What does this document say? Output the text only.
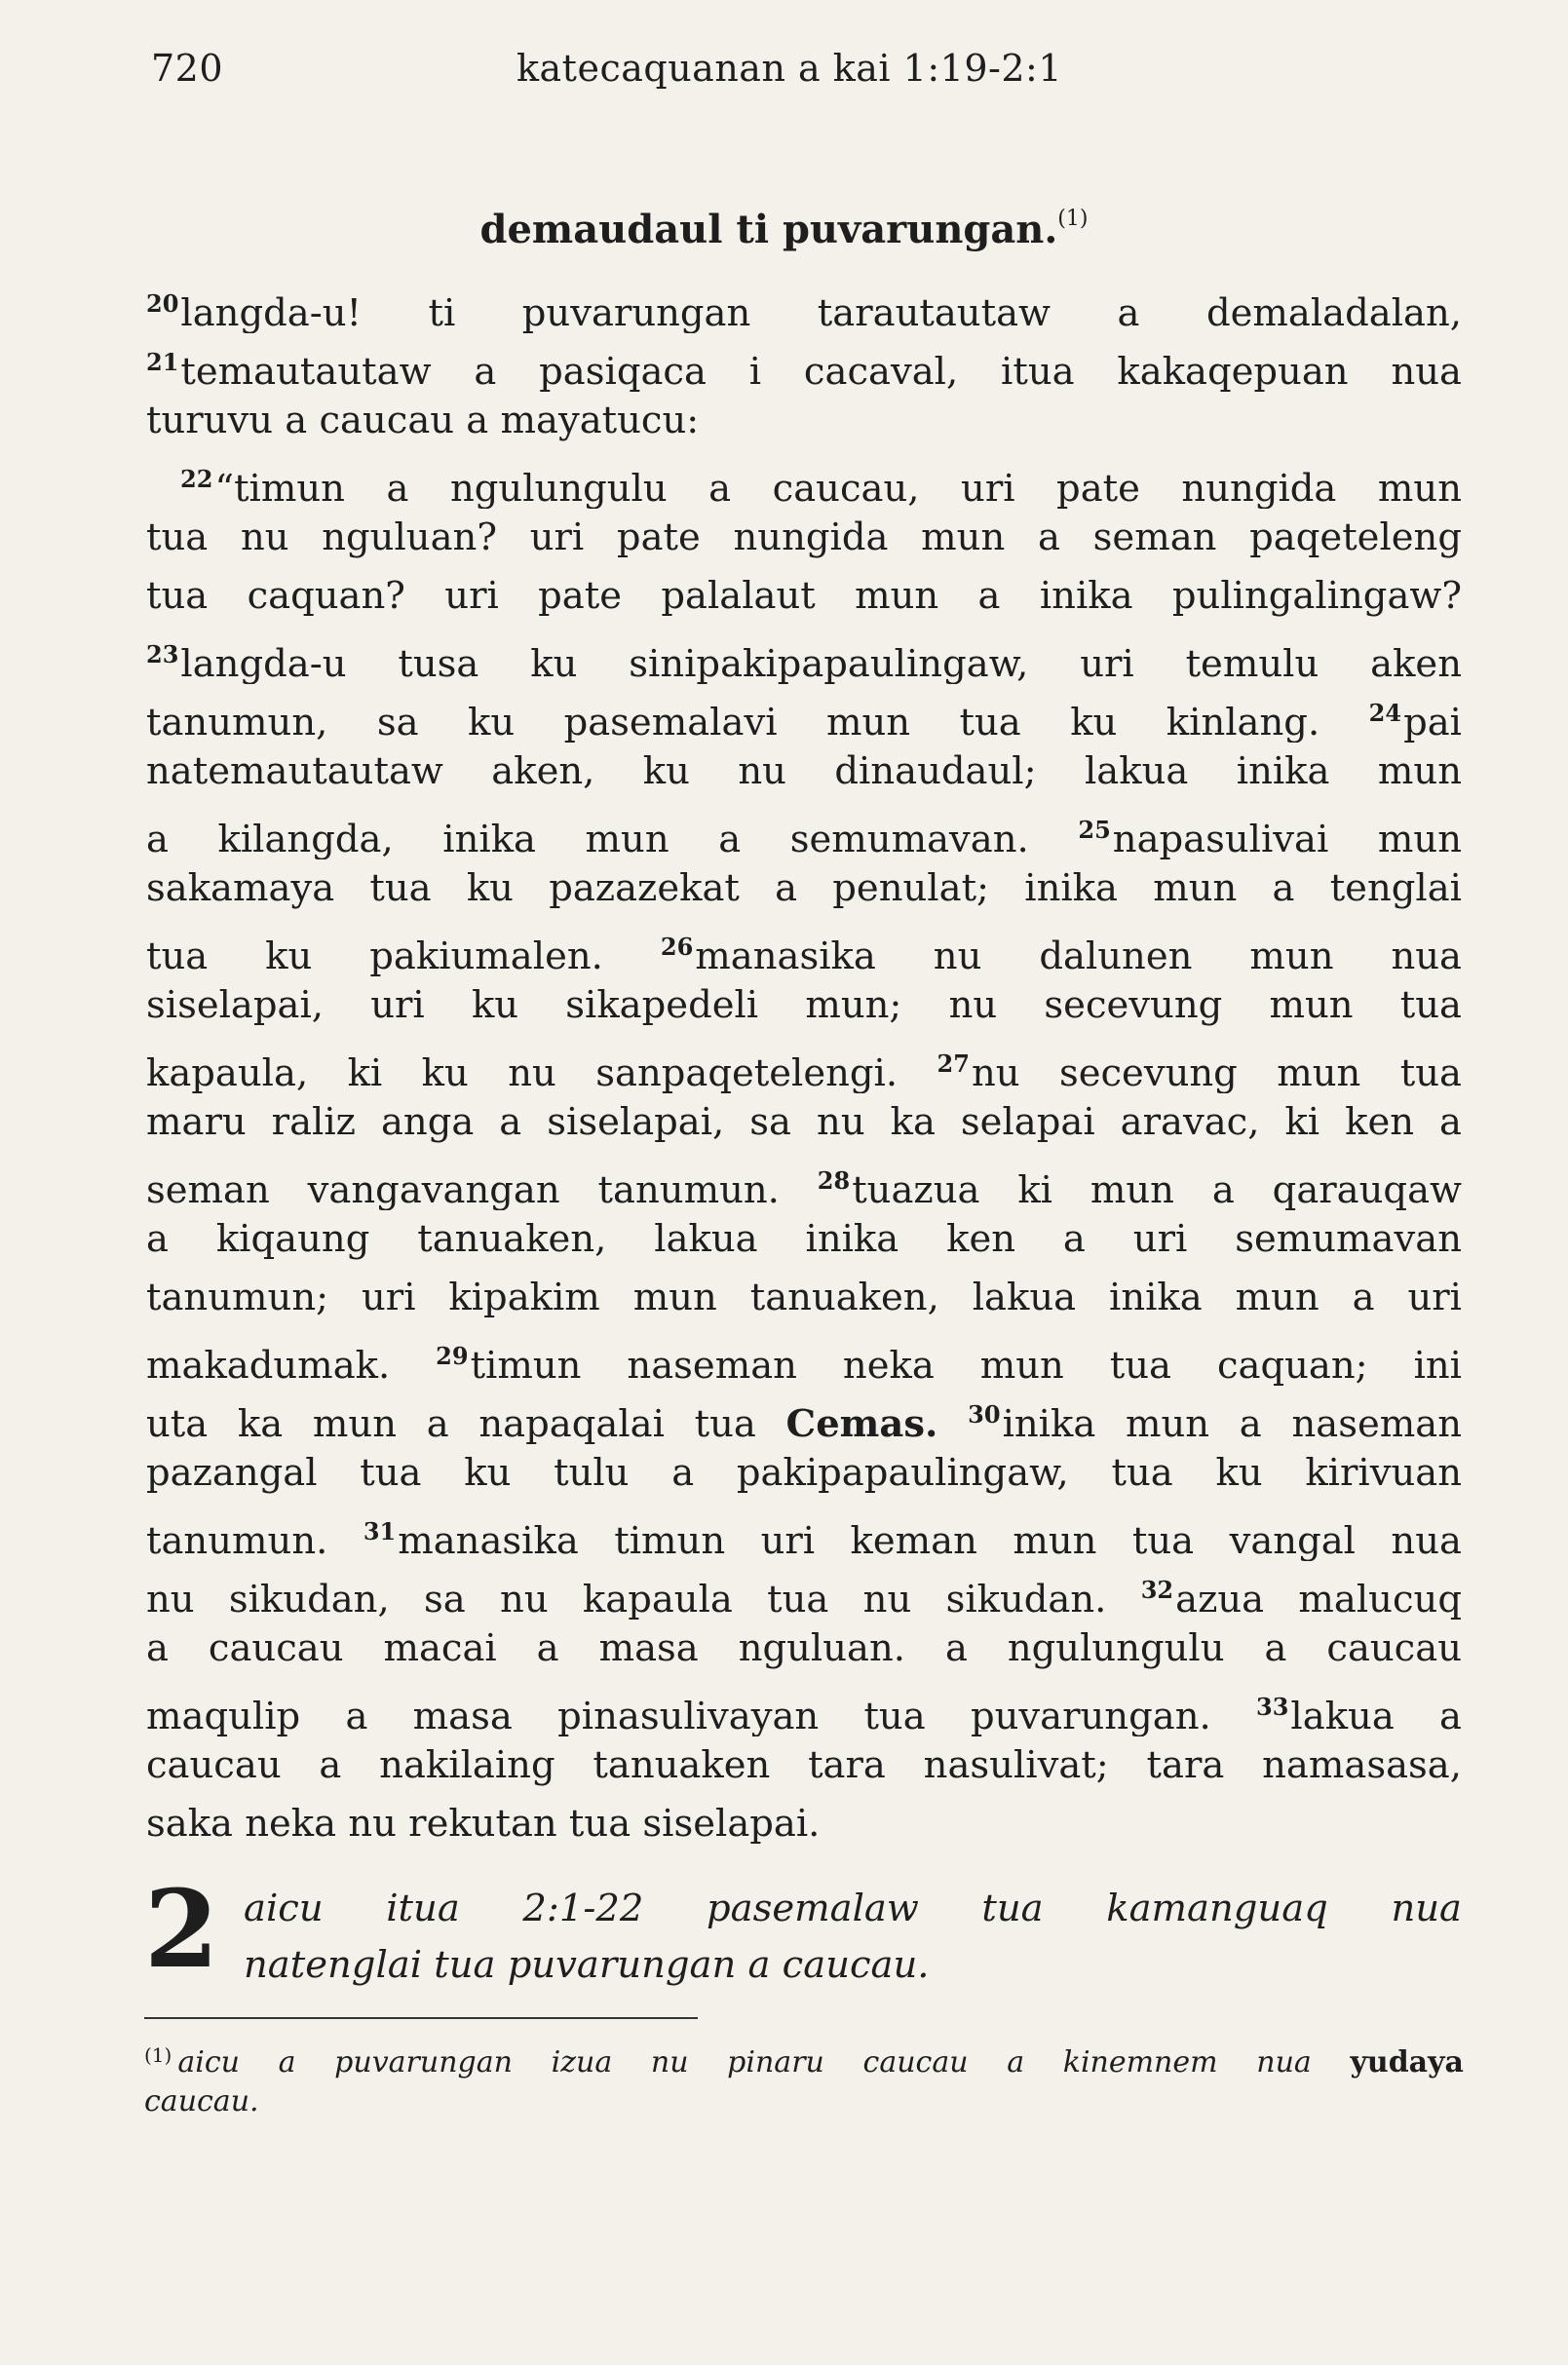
720	katecaquanan a kai 1:19-2:1
demaudaul ti puvarungan.$^{(1)}$
$^{20}$langda-u! ti puvarungan tarautautaw a demaladalan,
$^{21}$temautautaw a pasiqaca i cacaval, itua kakaqepuan nua
turuvu a caucau a mayatucu:
$^{22}$“timun a ngulungulu a caucau, uri pate nungida mun
tua nu nguluan? uri pate nungida mun a seman paqeteleng
tua caquan? uri pate palalaut mun a inika pulingalingaw?
$^{23}$langda-u tusa ku sinipakipapaulingaw, uri temulu aken
tanumun, sa ku pasemalavi mun tua ku kinlang. $^{24}$pai
natemautautaw aken, ku nu dinaudaul; lakua inika mun
a kilangda, inika mun a semumavan. $^{25}$napasulivai mun
sakamaya tua ku pazazekat a penulat; inika mun a tenglai
tua ku pakiumalen. $^{26}$manasika nu dalunen mun nua
siselapai, uri ku sikapedeli mun; nu secevung mun tua
kapaula, ki ku nu sanpaqetelengi. $^{27}$nu secevung mun tua
maru raliz anga a siselapai, sa nu ka selapai aravac, ki ken a
seman vangavangan tanumun. $^{28}$tuazua ki mun a qarauqaw
a kiqaung tanuaken, lakua inika ken a uri semumavan
tanumun; uri kipakim mun tanuaken, lakua inika mun a uri
makadumak. $^{29}$timun naseman neka mun tua caquan; ini
uta ka mun a napaqalai tua Cemas. $^{30}$inika mun a naseman
pazangal tua ku tulu a pakipapaulingaw, tua ku kirivuan
tanumun. $^{31}$manasika timun uri keman mun tua vangal nua
nu sikudan, sa nu kapaula tua nu sikudan. $^{32}$azua malucuq
a caucau macai a masa nguluan. a ngulungulu a caucau
maqulip a masa pinasulivayan tua puvarungan. $^{33}$lakua a
caucau a nakilaing tanuaken tara nasulivat; tara namasasa,
saka neka nu rekutan tua siselapai.
2 aicu itua 2:1-22 pasemalaw tua kamanguaq nua
natenglai tua puvarungan a caucau.
$^{(1)}$ aicu a puvarungan izua nu pinaru caucau a kinemnem nua yudaya
caucau.
